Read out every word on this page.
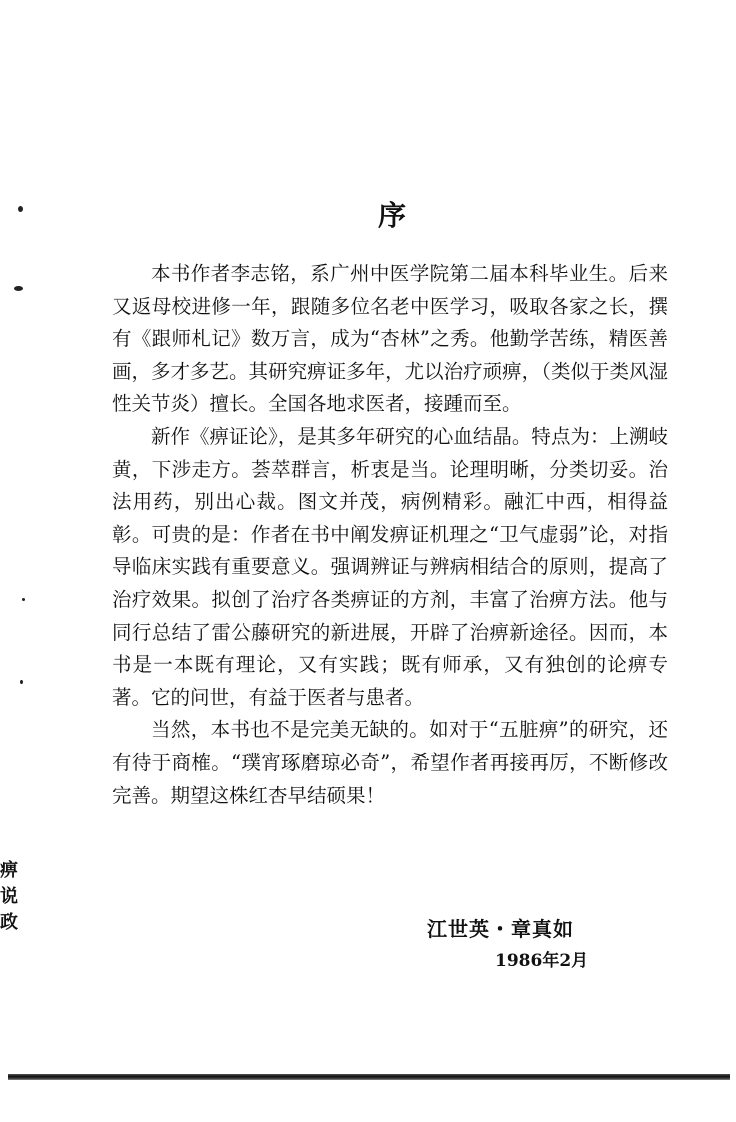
序

本书作者李志铭，系广州中医学院第二届本科毕业生。后来又返母校进修一年，跟随多位名老中医学习，吸取各家之长，撰有《跟师札记》数万言，成为“杏林”之秀。他勤学苦练，精医善画，多才多艺。其研究痹证多年，尤以治疗顽痹，（类似于类风湿性关节炎）擅长。全国各地求医者，接踵而至。

新作《痹证论》，是其多年研究的心血结晶。特点为：上溯岐黄，下涉走方。荟萃群言，析衷是当。论理明晰，分类切妥。治法用药，别出心裁。图文并茂，病例精彩。融汇中西，相得益彰。可贵的是：作者在书中阐发痹证机理之“卫气虚弱”论，对指导临床实践有重要意义。强调辨证与辨病相结合的原则，提高了治疗效果。拟创了治疗各类痹证的方剂，丰富了治痹方法。他与同行总结了雷公藤研究的新进展，开辟了治痹新途径。因而，本书是一本既有理论，又有实践；既有师承，又有独创的论痹专著。它的问世，有益于医者与患者。

当然，本书也不是完美无缺的。如对于“五脏痹”的研究，还有待于商榷。“璞宵琢磨琼必奇”，希望作者再接再厉，不断修改完善。期望这株红杏早结硕果！

江世英・章真如
1986年2月
痹
说
政
